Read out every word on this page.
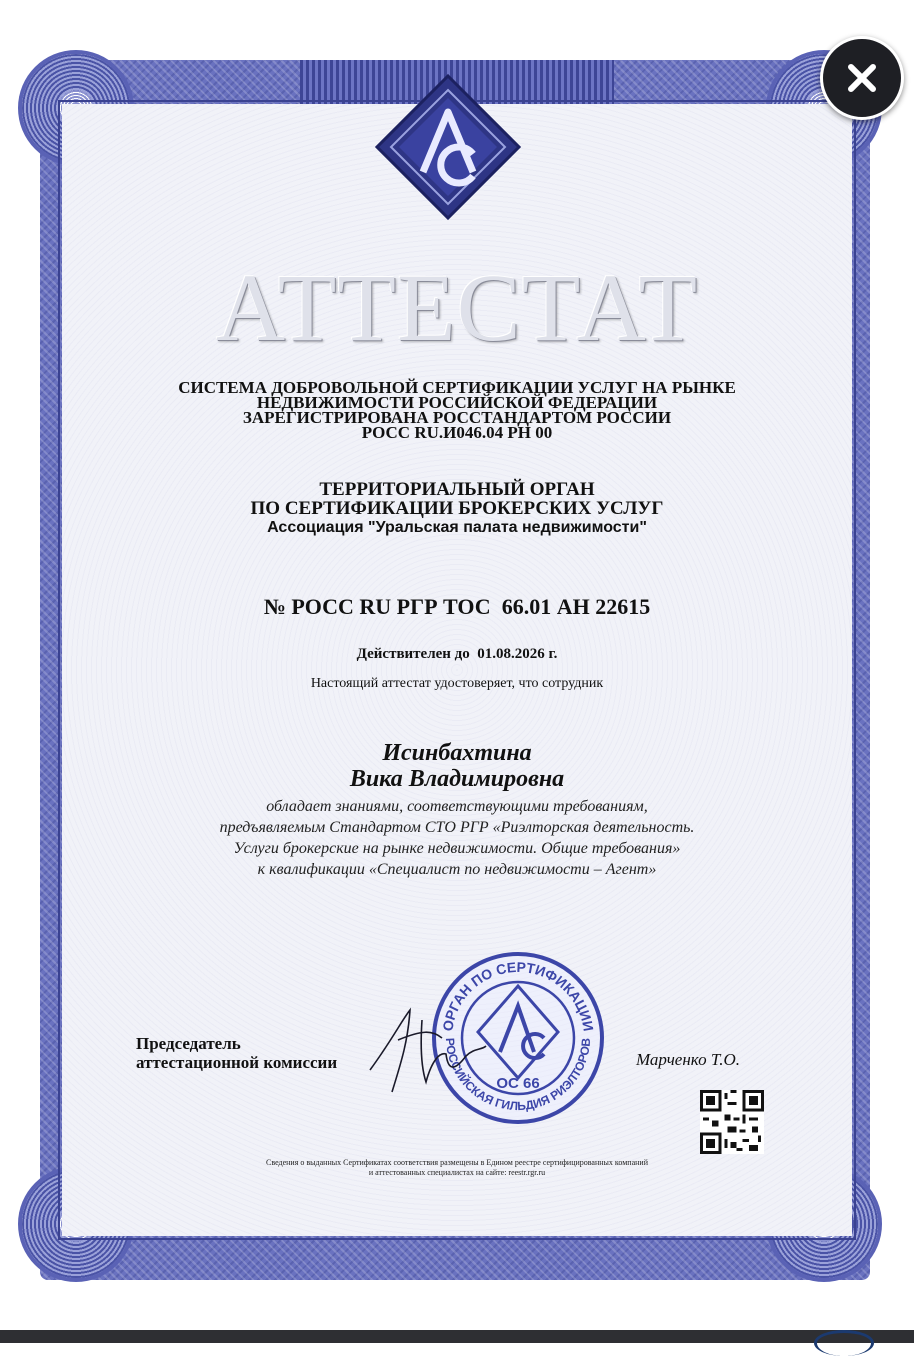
АТТЕСТАТ
СИСТЕМА ДОБРОВОЛЬНОЙ СЕРТИФИКАЦИИ УСЛУГ НА РЫНКЕ
НЕДВИЖИМОСТИ РОССИЙСКОЙ ФЕДЕРАЦИИ
ЗАРЕГИСТРИРОВАНА РОССТАНДАРТОМ РОССИИ
РОСС RU.И046.04 РН 00
ТЕРРИТОРИАЛЬНЫЙ ОРГАН
ПО СЕРТИФИКАЦИИ БРОКЕРСКИХ УСЛУГ
Ассоциация "Уральская палата недвижимости"
№ РОСС RU РГР ТОС  66.01 АН 22615
Действителен до  01.08.2026 г.
Настоящий аттестат удостоверяет, что сотрудник
Исинбахтина
Вика Владимировна
обладает знаниями, соответствующими требованиям,
предъявляемым Стандартом СТО РГР «Риэлторская деятельность.
Услуги брокерские на рынке недвижимости. Общие требования»
к квалификации «Специалист по недвижимости – Агент»
Председатель
аттестационной комиссии
ОРГАН ПО СЕРТИФИКАЦИИ
РОССИЙСКАЯ ГИЛЬДИЯ РИЭЛТОРОВ
ОС 66
Марченко Т.О.
Сведения о выданных Сертификатах соответствия размещены в Едином реестре сертифицированных компаний
и аттестованных специалистах на сайте: reestr.rgr.ru
